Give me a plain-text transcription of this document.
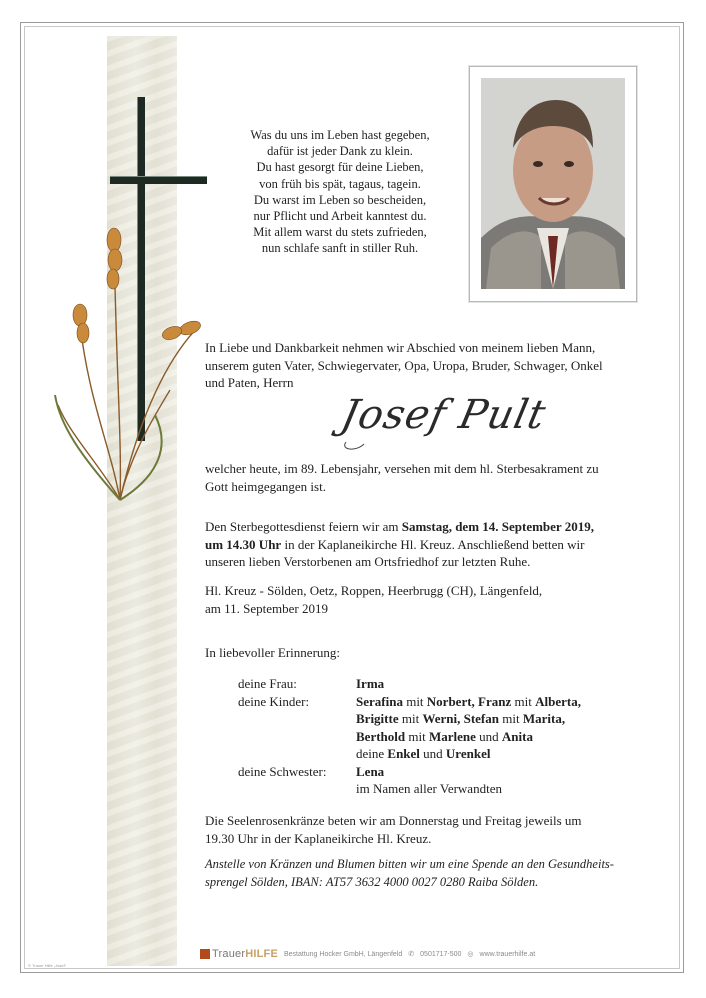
Was du uns im Leben hast gegeben,
dafür ist jeder Dank zu klein.
Du hast gesorgt für deine Lieben,
von früh bis spät, tagaus, tagein.
Du warst im Leben so bescheiden,
nur Pflicht und Arbeit kanntest du.
Mit allem warst du stets zufrieden,
nun schlafe sanft in stiller Ruh.
In Liebe und Dankbarkeit nehmen wir Abschied von meinem lieben Mann,
unserem guten Vater, Schwiegervater, Opa, Uropa, Bruder, Schwager, Onkel
und Paten, Herrn
Josef Pult
welcher heute, im 89. Lebensjahr, versehen mit dem hl. Sterbesakrament zu
Gott heimgegangen ist.
Den Sterbegottesdienst feiern wir am Samstag, dem 14. September 2019,
um 14.30 Uhr in der Kaplaneikirche Hl. Kreuz. Anschließend betten wir
unseren lieben Verstorbenen am Ortsfriedhof zur letzten Ruhe.
Hl. Kreuz - Sölden, Oetz, Roppen, Heerbrugg (CH), Längenfeld,
am 11. September 2019
In liebevoller Erinnerung:
deine Frau:	Irma
deine Kinder:	Serafina mit Norbert, Franz mit Alberta,
Brigitte mit Werni, Stefan mit Marita,
Berthold mit Marlene und Anita
deine Enkel und Urenkel
deine Schwester: Lena
im Namen aller Verwandten
Die Seelenrosenkränze beten wir am Donnerstag und Freitag jeweils um
19.30 Uhr in der Kaplaneikirche Hl. Kreuz.
Anstelle von Kränzen und Blumen bitten wir um eine Spende an den Gesundheits-
sprengel Sölden, IBAN: AT57 3632 4000 0027 0280 Raiba Sölden.
TrauerHILFE Bestattung Hocker GmbH, Längenfeld ✆ 0501717-500 ◎ www.trauerhilfe.at
© Trauer Hilfe „Josef“
